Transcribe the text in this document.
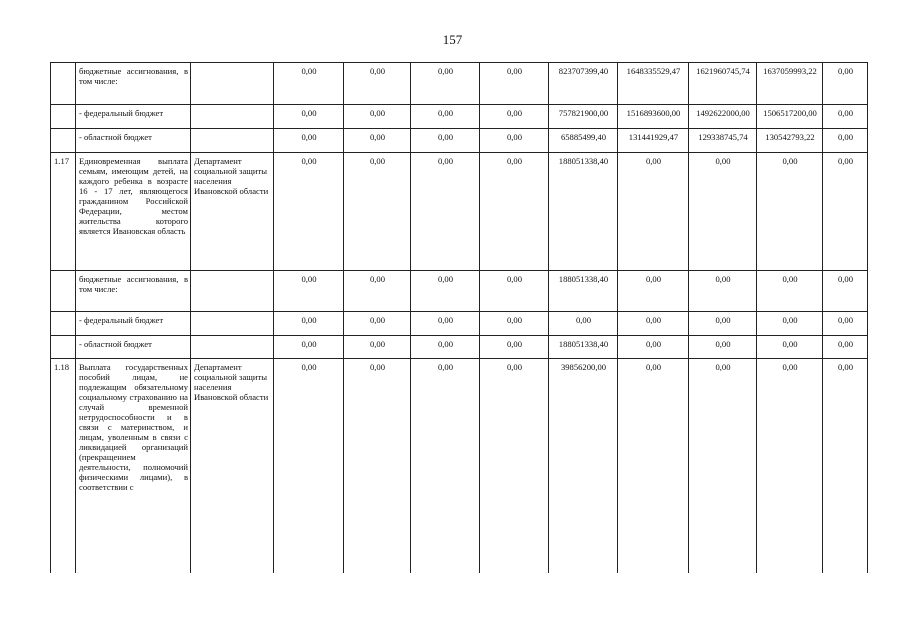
157
	бюджетные ассигнования, в том числе:		0,00	0,00	0,00	0,00	823707399,40	1648335529,47	1621960745,74	1637059993,22	0,00
	- федеральный бюджет		0,00	0,00	0,00	0,00	757821900,00	1516893600,00	1492622000,00	1506517200,00	0,00
	- областной бюджет		0,00	0,00	0,00	0,00	65885499,40	131441929,47	129338745,74	130542793,22	0,00
1.17	Единовременная выплата семьям, имеющим детей, на каждого ребенка в возрасте 16 - 17 лет, являющегося гражданином Российской Федерации, местом жительства которого является Ивановская область	Департамент социальной защиты населения Ивановской области	0,00	0,00	0,00	0,00	188051338,40	0,00	0,00	0,00	0,00
	бюджетные ассигнования, в том числе:		0,00	0,00	0,00	0,00	188051338,40	0,00	0,00	0,00	0,00
	- федеральный бюджет		0,00	0,00	0,00	0,00	0,00	0,00	0,00	0,00	0,00
	- областной бюджет		0,00	0,00	0,00	0,00	188051338,40	0,00	0,00	0,00	0,00
1.18	Выплата государственных пособий лицам, не подлежащим обязательному социальному страхованию на случай временной нетрудоспособности и в связи с материнством, и лицам, уволенным в связи с ликвидацией организаций (прекращением деятельности, полномочий физическими лицами), в соответствии с	Департамент социальной защиты населения Ивановской области	0,00	0,00	0,00	0,00	39856200,00	0,00	0,00	0,00	0,00
